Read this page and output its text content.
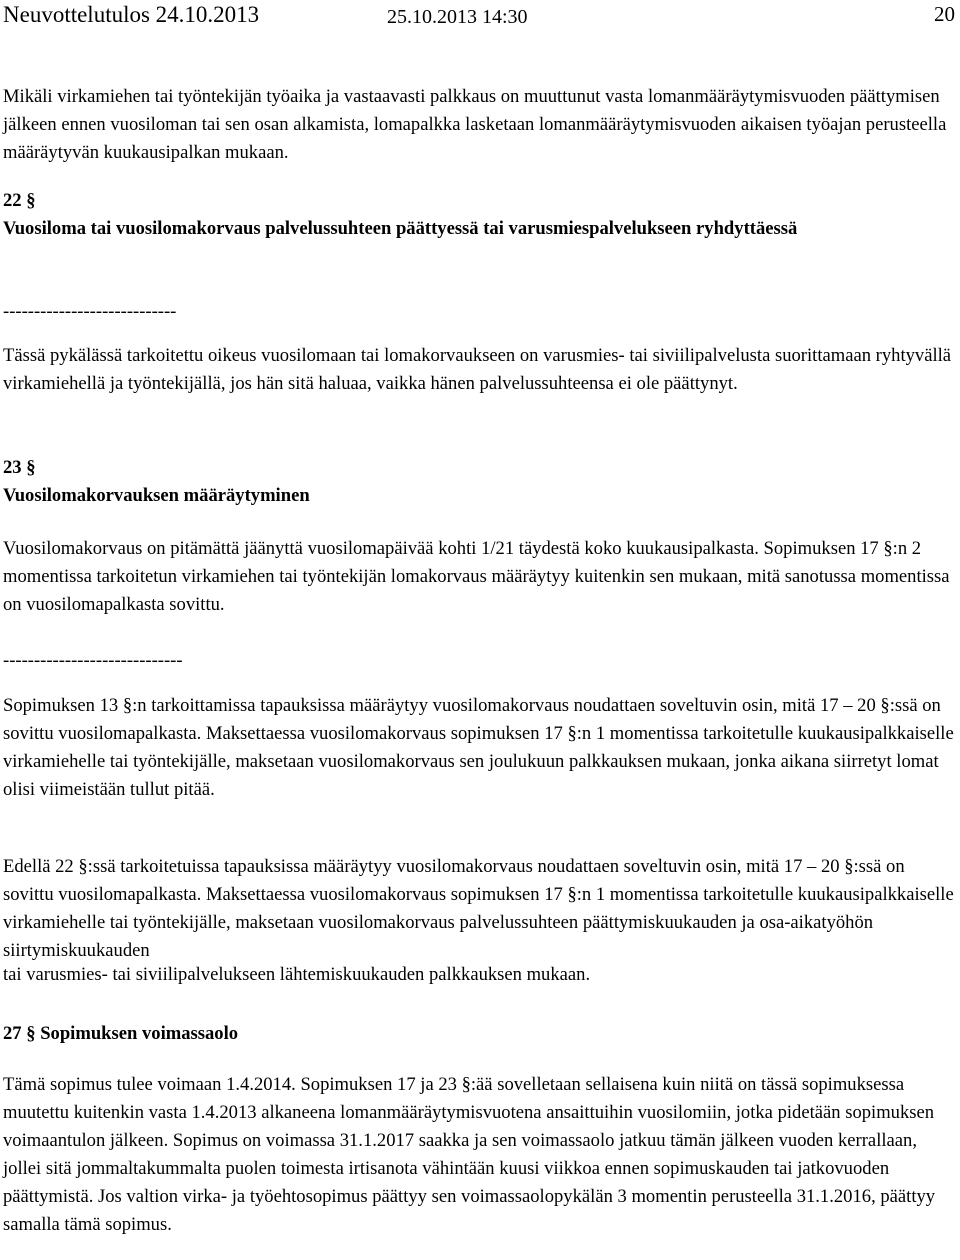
Neuvottelutulos 24.10.2013	25.10.2013 14:30	20

Mikäli virkamiehen tai työntekijän työaika ja vastaavasti palkkaus on muuttunut vasta lomanmääräytymisvuoden päättymisen jälkeen ennen vuosiloman tai sen osan alkamista, lomapalkka lasketaan lomanmääräytymisvuoden aikaisen työajan perusteella määräytyvän kuukausipalkan mukaan.

22 §
Vuosiloma tai vuosilomakorvaus palvelussuhteen päättyessä tai varusmiespalvelukseen ryhdyttäessä

----------------------------

Tässä pykälässä tarkoitettu oikeus vuosilomaan tai lomakorvaukseen on varusmies- tai siviilipalvelusta suorittamaan ryhtyvällä virkamiehellä ja työntekijällä, jos hän sitä haluaa, vaikka hänen palvelussuhteensa ei ole päättynyt.

23 §
Vuosilomakorvauksen määräytyminen

Vuosilomakorvaus on pitämättä jäänyttä vuosilomapäivää kohti 1/21 täydestä koko kuukausipalkasta. Sopimuksen 17 §:n 2 momentissa tarkoitetun virkamiehen tai työntekijän lomakorvaus määräytyy kuitenkin sen mukaan, mitä sanotussa momentissa on vuosilomapalkasta sovittu.

-----------------------------

Sopimuksen 13 §:n tarkoittamissa tapauksissa määräytyy vuosilomakorvaus noudattaen soveltuvin osin, mitä 17 – 20 §:ssä on sovittu vuosilomapalkasta. Maksettaessa vuosilomakorvaus sopimuksen 17 §:n 1 momentissa tarkoitetulle kuukausipalkkaiselle virkamiehelle tai työntekijälle, maksetaan vuosilomakorvaus sen joulukuun palkkauksen mukaan, jonka aikana siirretyt lomat olisi viimeistään tullut pitää.

Edellä 22 §:ssä tarkoitetuissa tapauksissa määräytyy vuosilomakorvaus noudattaen soveltuvin osin, mitä 17 – 20 §:ssä on sovittu vuosilomapalkasta. Maksettaessa vuosilomakorvaus sopimuksen 17 §:n 1 momentissa tarkoitetulle kuukausipalkkaiselle virkamiehelle tai työntekijälle, maksetaan vuosilomakorvaus palvelussuhteen päättymiskuukauden ja osa-aikatyöhön siirtymiskuukauden

tai varusmies- tai siviilipalvelukseen lähtemiskuukauden palkkauksen mukaan.

27 § Sopimuksen voimassaolo

Tämä sopimus tulee voimaan 1.4.2014. Sopimuksen 17 ja 23 §:ää sovelletaan sellaisena kuin niitä on tässä sopimuksessa muutettu kuitenkin vasta 1.4.2013 alkaneena lomanmääräytymisvuotena ansaittuihin vuosilomiin, jotka pidetään sopimuksen voimaantulon jälkeen. Sopimus on voimassa 31.1.2017 saakka ja sen voimassaolo jatkuu tämän jälkeen vuoden kerrallaan, jollei sitä jommaltakummalta puolen toimesta irtisanota vähintään kuusi viikkoa ennen sopimuskauden tai jatkovuoden päättymistä. Jos valtion virka- ja työehtosopimus päättyy sen voimassaolopykälän 3 momentin perusteella 31.1.2016, päättyy samalla tämä sopimus.
